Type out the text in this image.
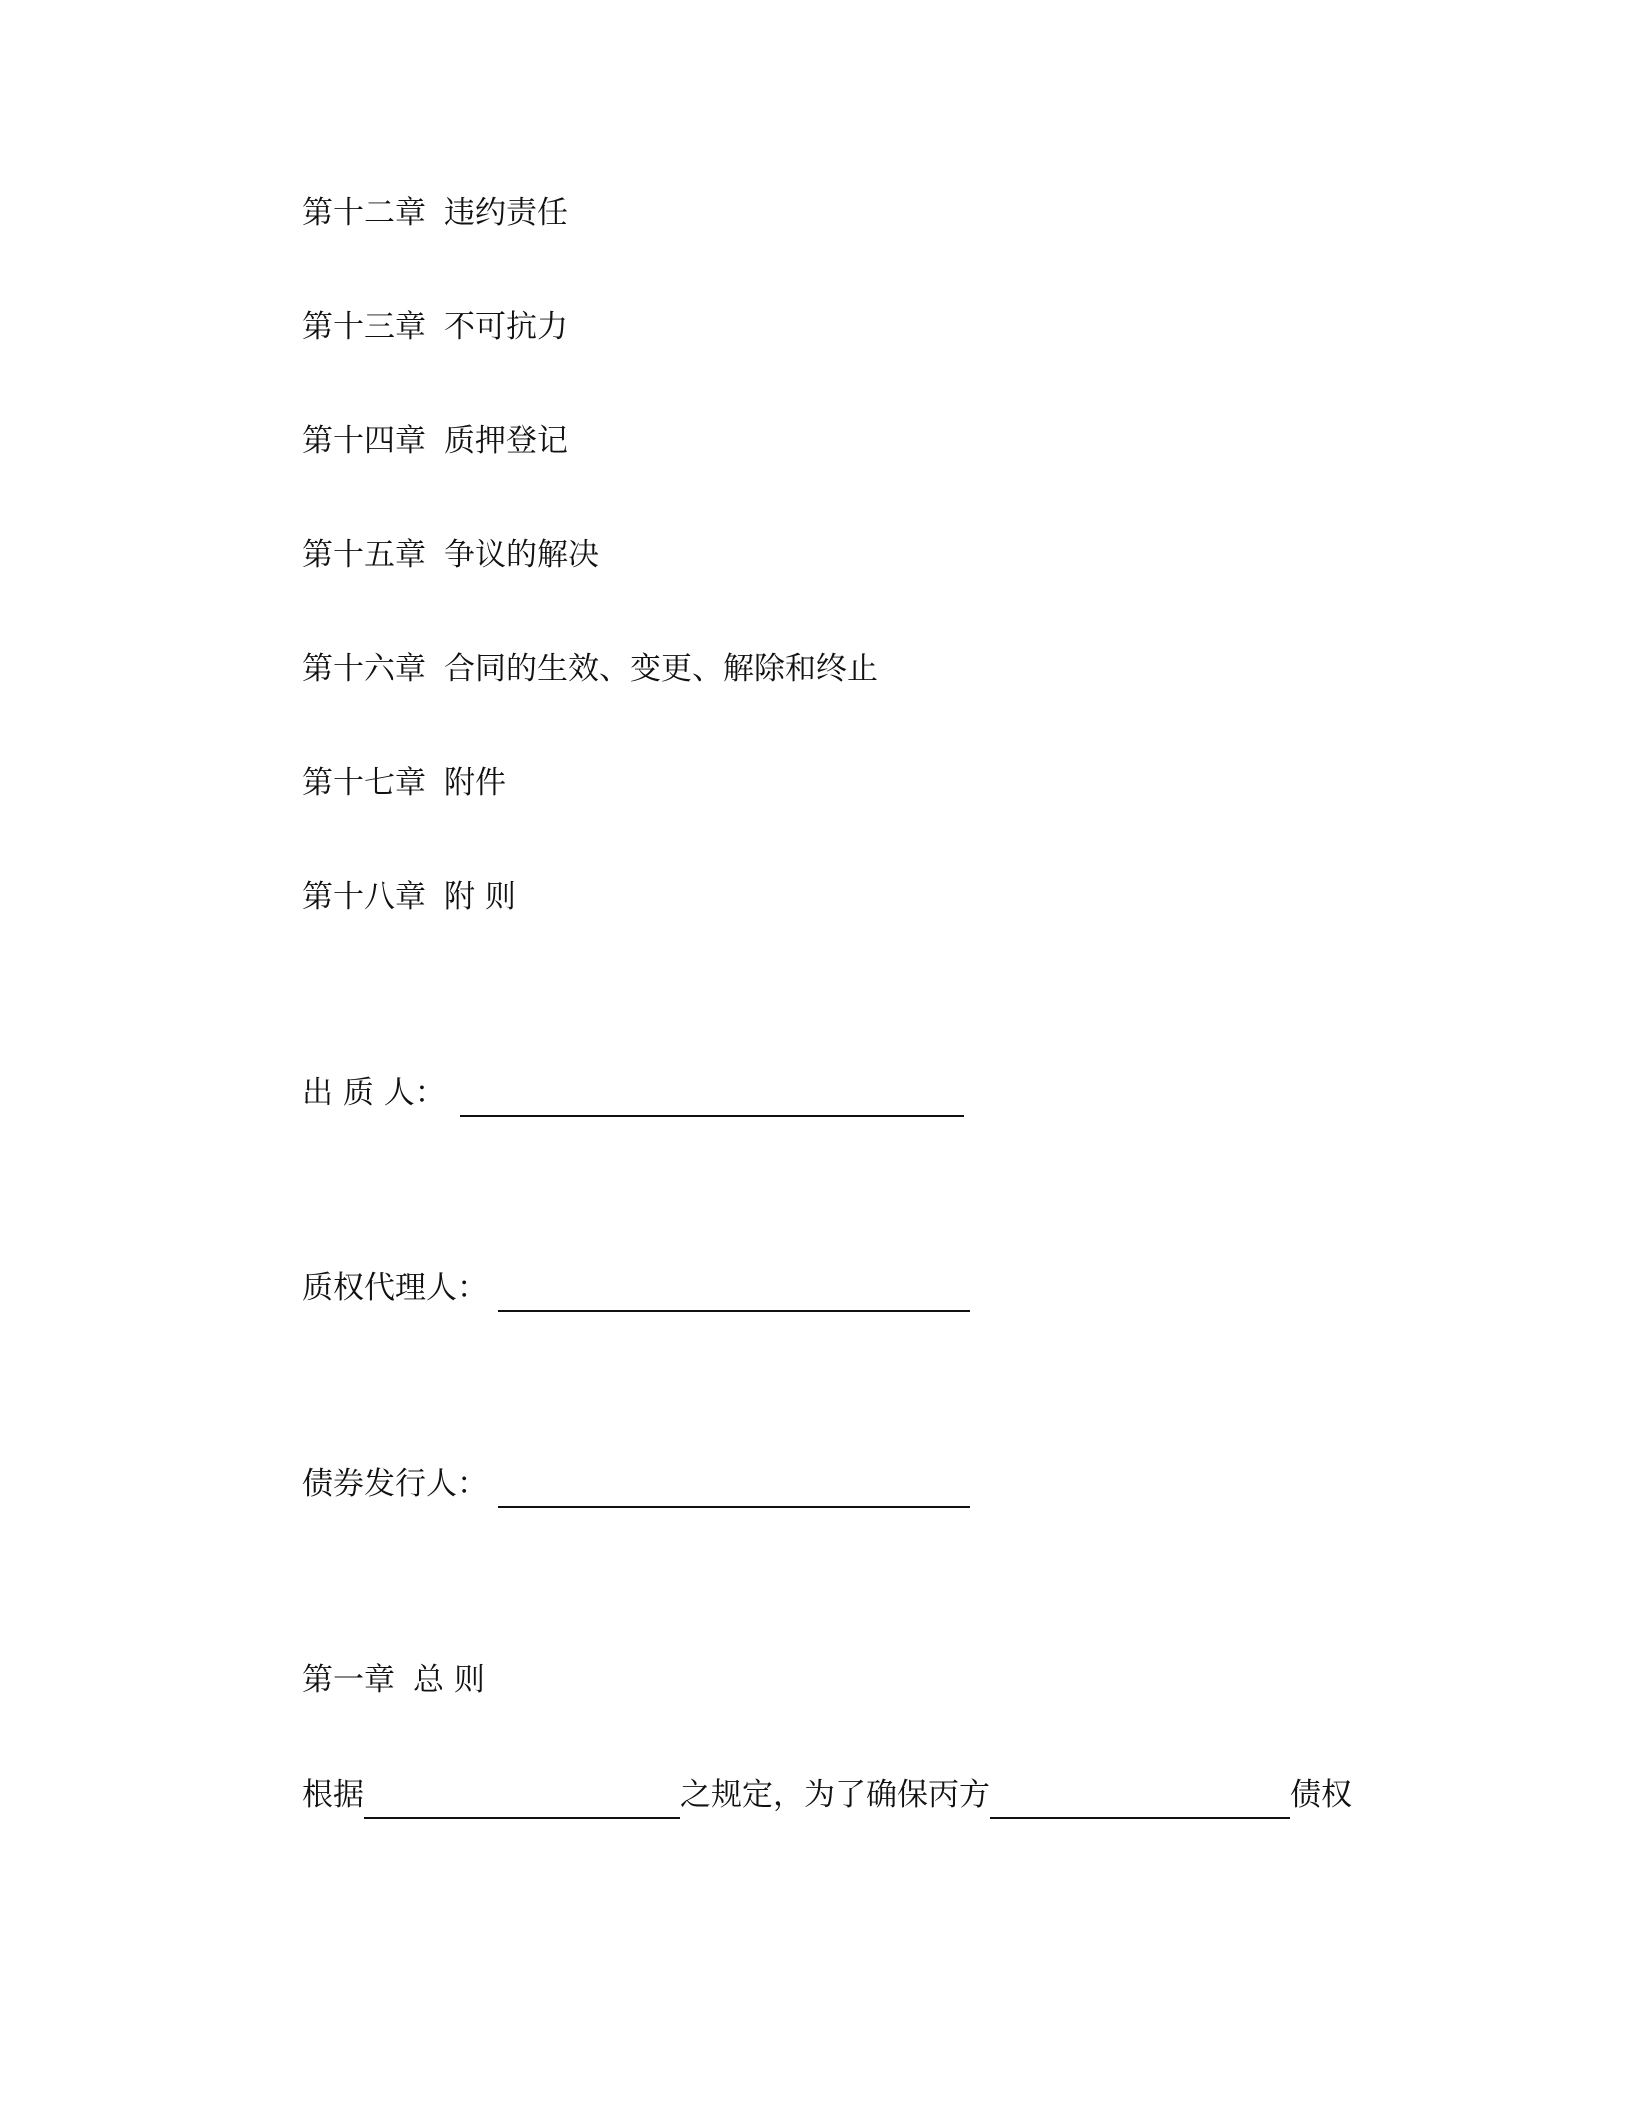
第十二章 违约责任
第十三章 不可抗力
第十四章 质押登记
第十五章 争议的解决
第十六章 合同的生效、变更、解除和终止
第十七章 附件
第十八章 附 则
出 质 人：
质权代理人：
债券发行人：
第一章 总 则
根据	之规定，为了确保丙方	债权
